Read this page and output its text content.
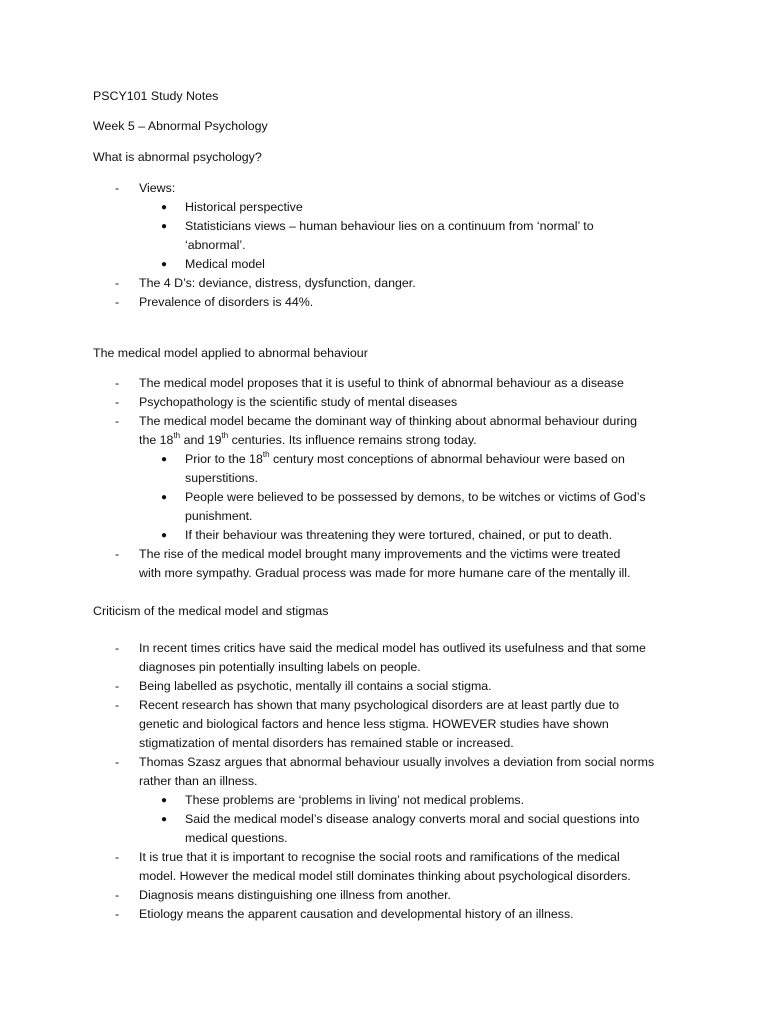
PSCY101 Study Notes
Week 5 – Abnormal Psychology
What is abnormal psychology?
- Views:
● Historical perspective
● Statisticians views – human behaviour lies on a continuum from ‘normal’ to
‘abnormal’.
● Medical model
- The 4 D’s: deviance, distress, dysfunction, danger.
- Prevalence of disorders is 44%.
The medical model applied to abnormal behaviour
- The medical model proposes that it is useful to think of abnormal behaviour as a disease
- Psychopathology is the scientific study of mental diseases
- The medical model became the dominant way of thinking about abnormal behaviour during
the 18th and 19th centuries. Its influence remains strong today.
● Prior to the 18th century most conceptions of abnormal behaviour were based on
superstitions.
● People were believed to be possessed by demons, to be witches or victims of God’s
punishment.
● If their behaviour was threatening they were tortured, chained, or put to death.
- The rise of the medical model brought many improvements and the victims were treated
with more sympathy. Gradual process was made for more humane care of the mentally ill.
Criticism of the medical model and stigmas
- In recent times critics have said the medical model has outlived its usefulness and that some
diagnoses pin potentially insulting labels on people.
- Being labelled as psychotic, mentally ill contains a social stigma.
- Recent research has shown that many psychological disorders are at least partly due to
genetic and biological factors and hence less stigma. HOWEVER studies have shown
stigmatization of mental disorders has remained stable or increased.
- Thomas Szasz argues that abnormal behaviour usually involves a deviation from social norms
rather than an illness.
● These problems are ‘problems in living’ not medical problems.
● Said the medical model’s disease analogy converts moral and social questions into
medical questions.
- It is true that it is important to recognise the social roots and ramifications of the medical
model. However the medical model still dominates thinking about psychological disorders.
- Diagnosis means distinguishing one illness from another.
- Etiology means the apparent causation and developmental history of an illness.
